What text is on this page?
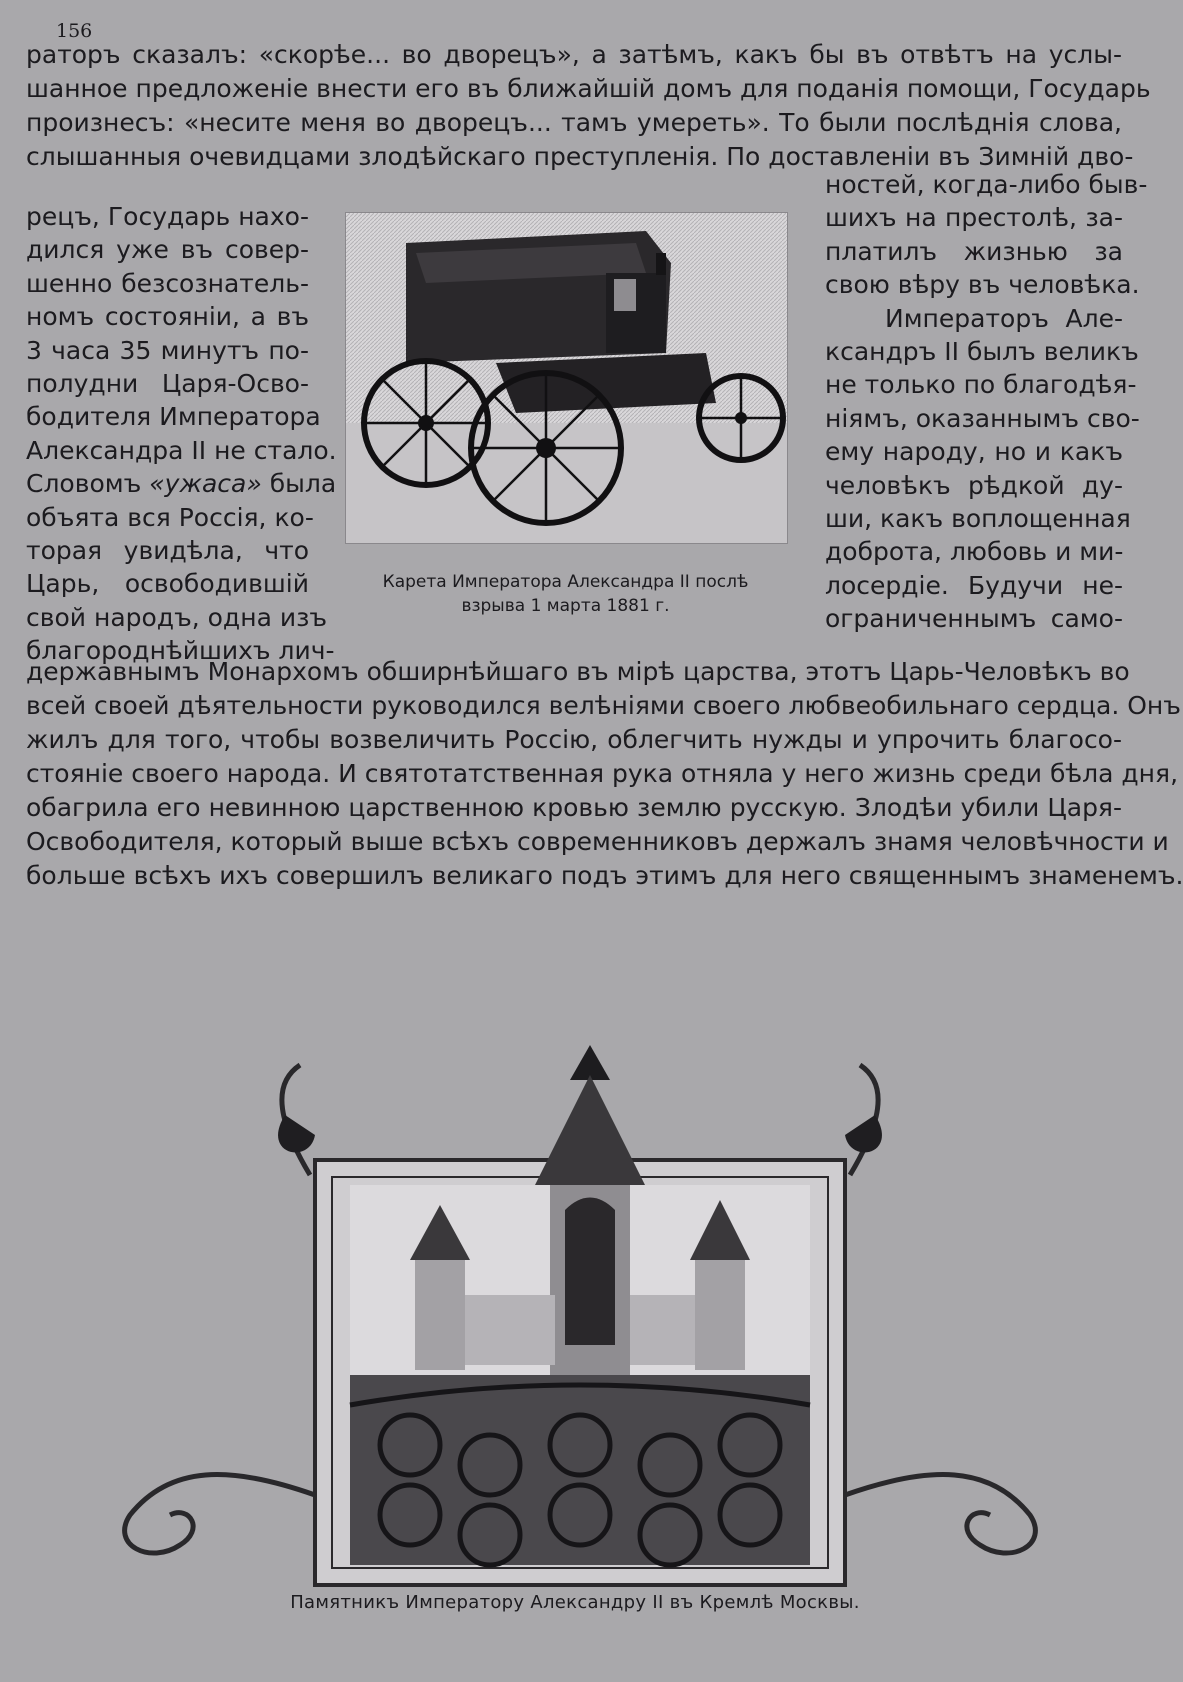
156
раторъ сказалъ: «скорѣе... во дворецъ», а затѣмъ, какъ бы въ отвѣтъ на услы-
шанное предложеніе внести его въ ближайшій домъ для поданія помощи, Государь
произнесъ: «несите меня во дворецъ... тамъ умереть». То были послѣднія слова,
слышанныя очевидцами злодѣйскаго преступленія. По доставленіи въ Зимній дво-
рецъ, Государь нахо-
дился уже въ совер-
шенно безсознатель-
номъ состояніи, а въ
3 часа 35 минутъ по-
полудни Царя-Осво-
бодителя Императора
Александра II не стало.
Словомъ «ужаса» была
объята вся Россія, ко-
торая увидѣла, что
Царь, освободившій
свой народъ, одна изъ
благороднѣйшихъ лич-
ностей, когда-либо быв-
шихъ на престолѣ, за-
платилъ жизнью за
свою вѣру въ человѣка.
Императоръ Але-
ксандръ II былъ великъ
не только по благодѣя-
ніямъ, оказаннымъ сво-
ему народу, но и какъ
человѣкъ рѣдкой ду-
ши, какъ воплощенная
доброта, любовь и ми-
лосердіе. Будучи не-
ограниченнымъ само-
Карета Императора Александра II послѣ
взрыва 1 марта 1881 г.
державнымъ Монархомъ обширнѣйшаго въ мірѣ царства, этотъ Царь-Человѣкъ во
всей своей дѣятельности руководился велѣніями своего любвеобильнаго сердца. Онъ
жилъ для того, чтобы возвеличить Россію, облегчить нужды и упрочить благосо-
стояніе своего народа. И святотатственная рука отняла у него жизнь среди бѣла дня,
обагрила его невинною царственною кровью землю русскую. Злодѣи убили Царя-
Освободителя, который выше всѣхъ современниковъ держалъ знамя человѣчности и
больше всѣхъ ихъ совершилъ великаго подъ этимъ для него священнымъ знаменемъ.
Памятникъ Императору Александру II въ Кремлѣ Москвы.
